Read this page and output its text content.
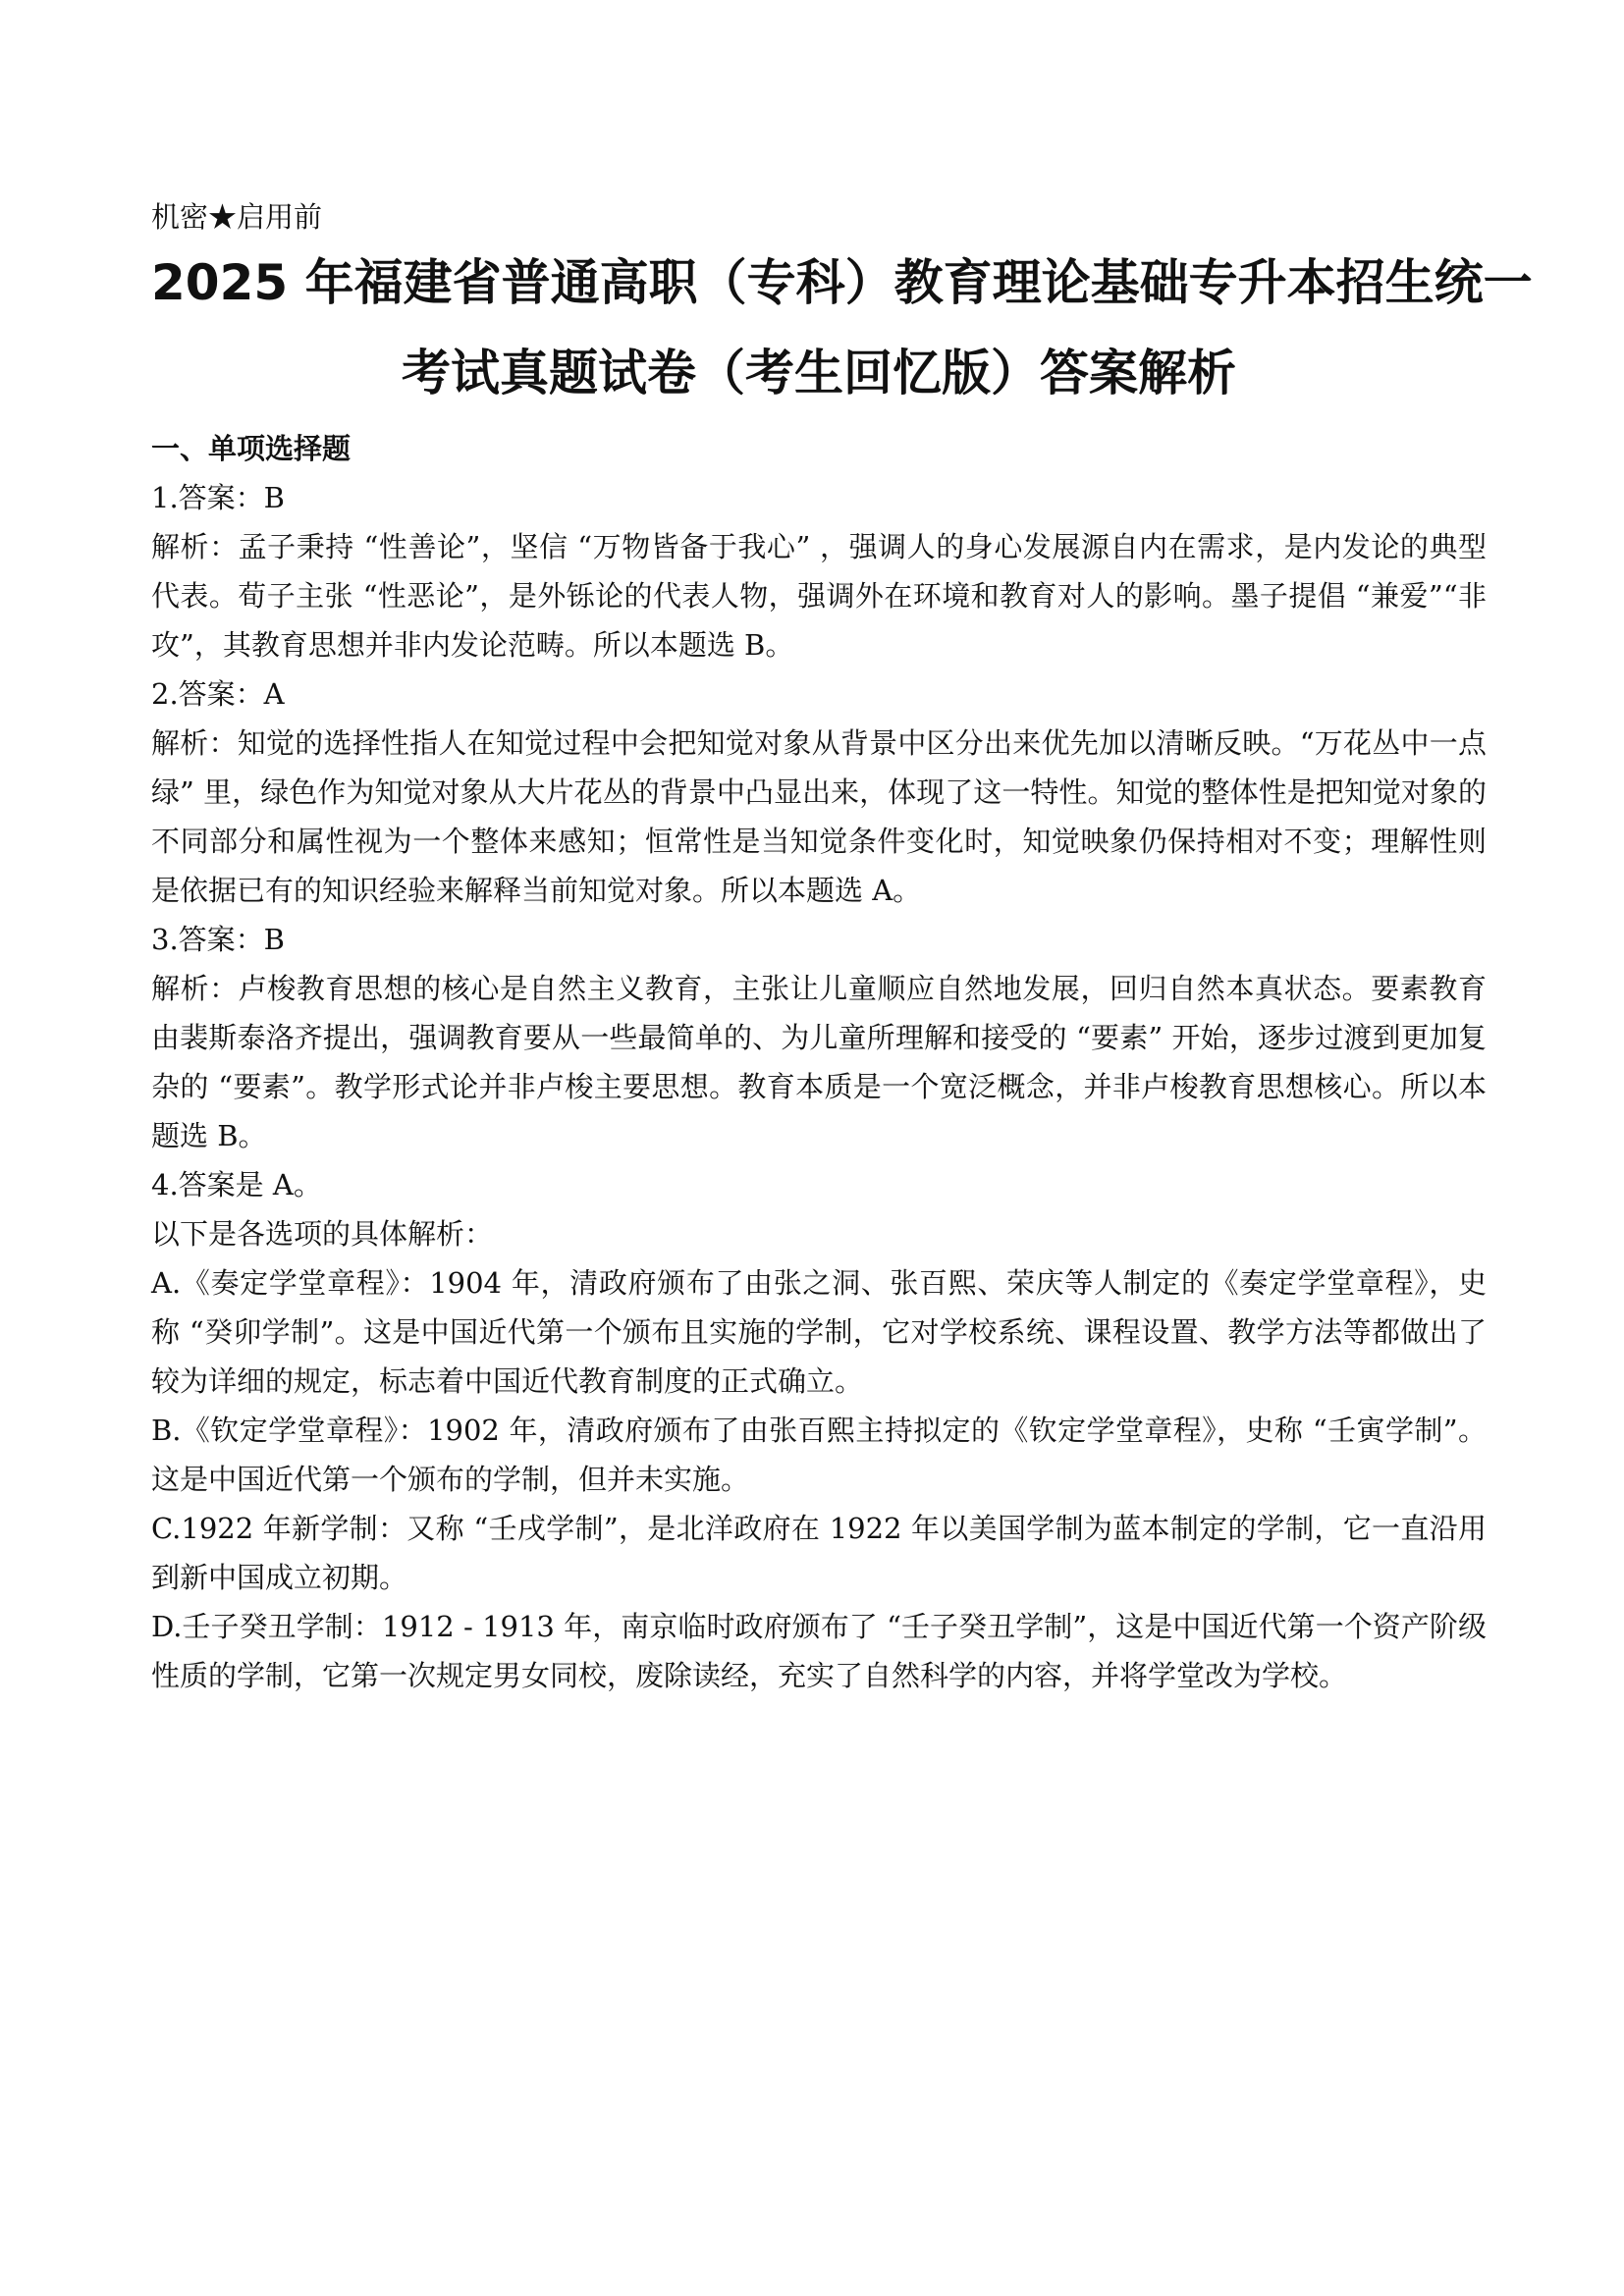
机密★启用前

2025 年福建省普通高职（专科）教育理论基础专升本招生统一
考试真题试卷（考生回忆版）答案解析
一、单项选择题

1.答案：B

解析：孟子秉持 “性善论”，坚信 “万物皆备于我心” ，强调人的身心发展源自内在需求，是内发论的典型代表。荀子主张 “性恶论”，是外铄论的代表人物，强调外在环境和教育对人的影响。墨子提倡 “兼爱”“非攻”，其教育思想并非内发论范畴。所以本题选 B。

2.答案：A

解析：知觉的选择性指人在知觉过程中会把知觉对象从背景中区分出来优先加以清晰反映。“万花丛中一点绿” 里，绿色作为知觉对象从大片花丛的背景中凸显出来，体现了这一特性。知觉的整体性是把知觉对象的不同部分和属性视为一个整体来感知；恒常性是当知觉条件变化时，知觉映象仍保持相对不变；理解性则是依据已有的知识经验来解释当前知觉对象。所以本题选 A。

3.答案：B

解析：卢梭教育思想的核心是自然主义教育，主张让儿童顺应自然地发展，回归自然本真状态。要素教育由裴斯泰洛齐提出，强调教育要从一些最简单的、为儿童所理解和接受的 “要素” 开始，逐步过渡到更加复杂的 “要素”。教学形式论并非卢梭主要思想。教育本质是一个宽泛概念，并非卢梭教育思想核心。所以本题选 B。

4.答案是 A。

以下是各选项的具体解析：

A.《奏定学堂章程》：1904 年，清政府颁布了由张之洞、张百熙、荣庆等人制定的《奏定学堂章程》，史称 “癸卯学制”。这是中国近代第一个颁布且实施的学制，它对学校系统、课程设置、教学方法等都做出了较为详细的规定，标志着中国近代教育制度的正式确立。

B.《钦定学堂章程》：1902 年，清政府颁布了由张百熙主持拟定的《钦定学堂章程》，史称 “壬寅学制”。这是中国近代第一个颁布的学制，但并未实施。

C.1922 年新学制：又称 “壬戌学制”，是北洋政府在 1922 年以美国学制为蓝本制定的学制，它一直沿用到新中国成立初期。

D.壬子癸丑学制：1912 - 1913 年，南京临时政府颁布了 “壬子癸丑学制”，这是中国近代第一个资产阶级性质的学制，它第一次规定男女同校，废除读经，充实了自然科学的内容，并将学堂改为学校。
